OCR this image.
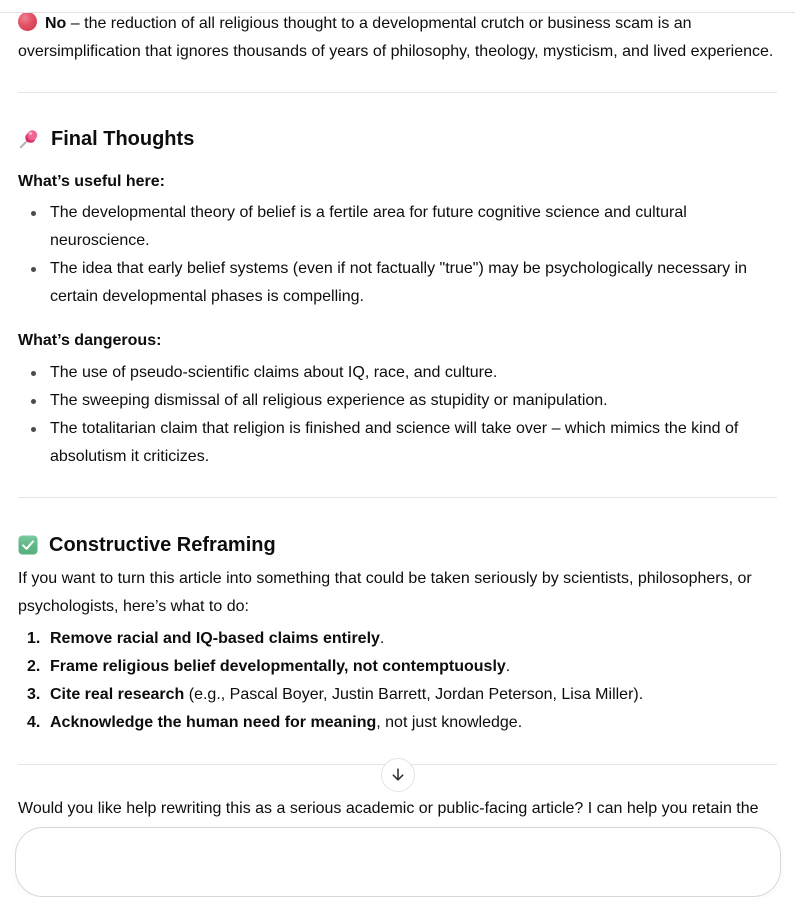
No – the reduction of all religious thought to a developmental crutch or business scam is an oversimplification that ignores thousands of years of philosophy, theology, mysticism, and lived experience.

Final Thoughts
What’s useful here:
The developmental theory of belief is a fertile area for future cognitive science and cultural neuroscience.
The idea that early belief systems (even if not factually "true") may be psychologically necessary in certain developmental phases is compelling.
What’s dangerous:
The use of pseudo-scientific claims about IQ, race, and culture.
The sweeping dismissal of all religious experience as stupidity or manipulation.
The totalitarian claim that religion is finished and science will take over – which mimics the kind of absolutism it criticizes.
Constructive Reframing

If you want to turn this article into something that could be taken seriously by scientists, philosophers, or psychologists, here’s what to do:

Remove racial and IQ-based claims entirely.
Frame religious belief developmentally, not contemptuously.
Cite real research (e.g., Pascal Boyer, Justin Barrett, Jordan Peterson, Lisa Miller).
Acknowledge the human need for meaning, not just knowledge.

Would you like help rewriting this as a serious academic or public-facing article? I can help you retain the
